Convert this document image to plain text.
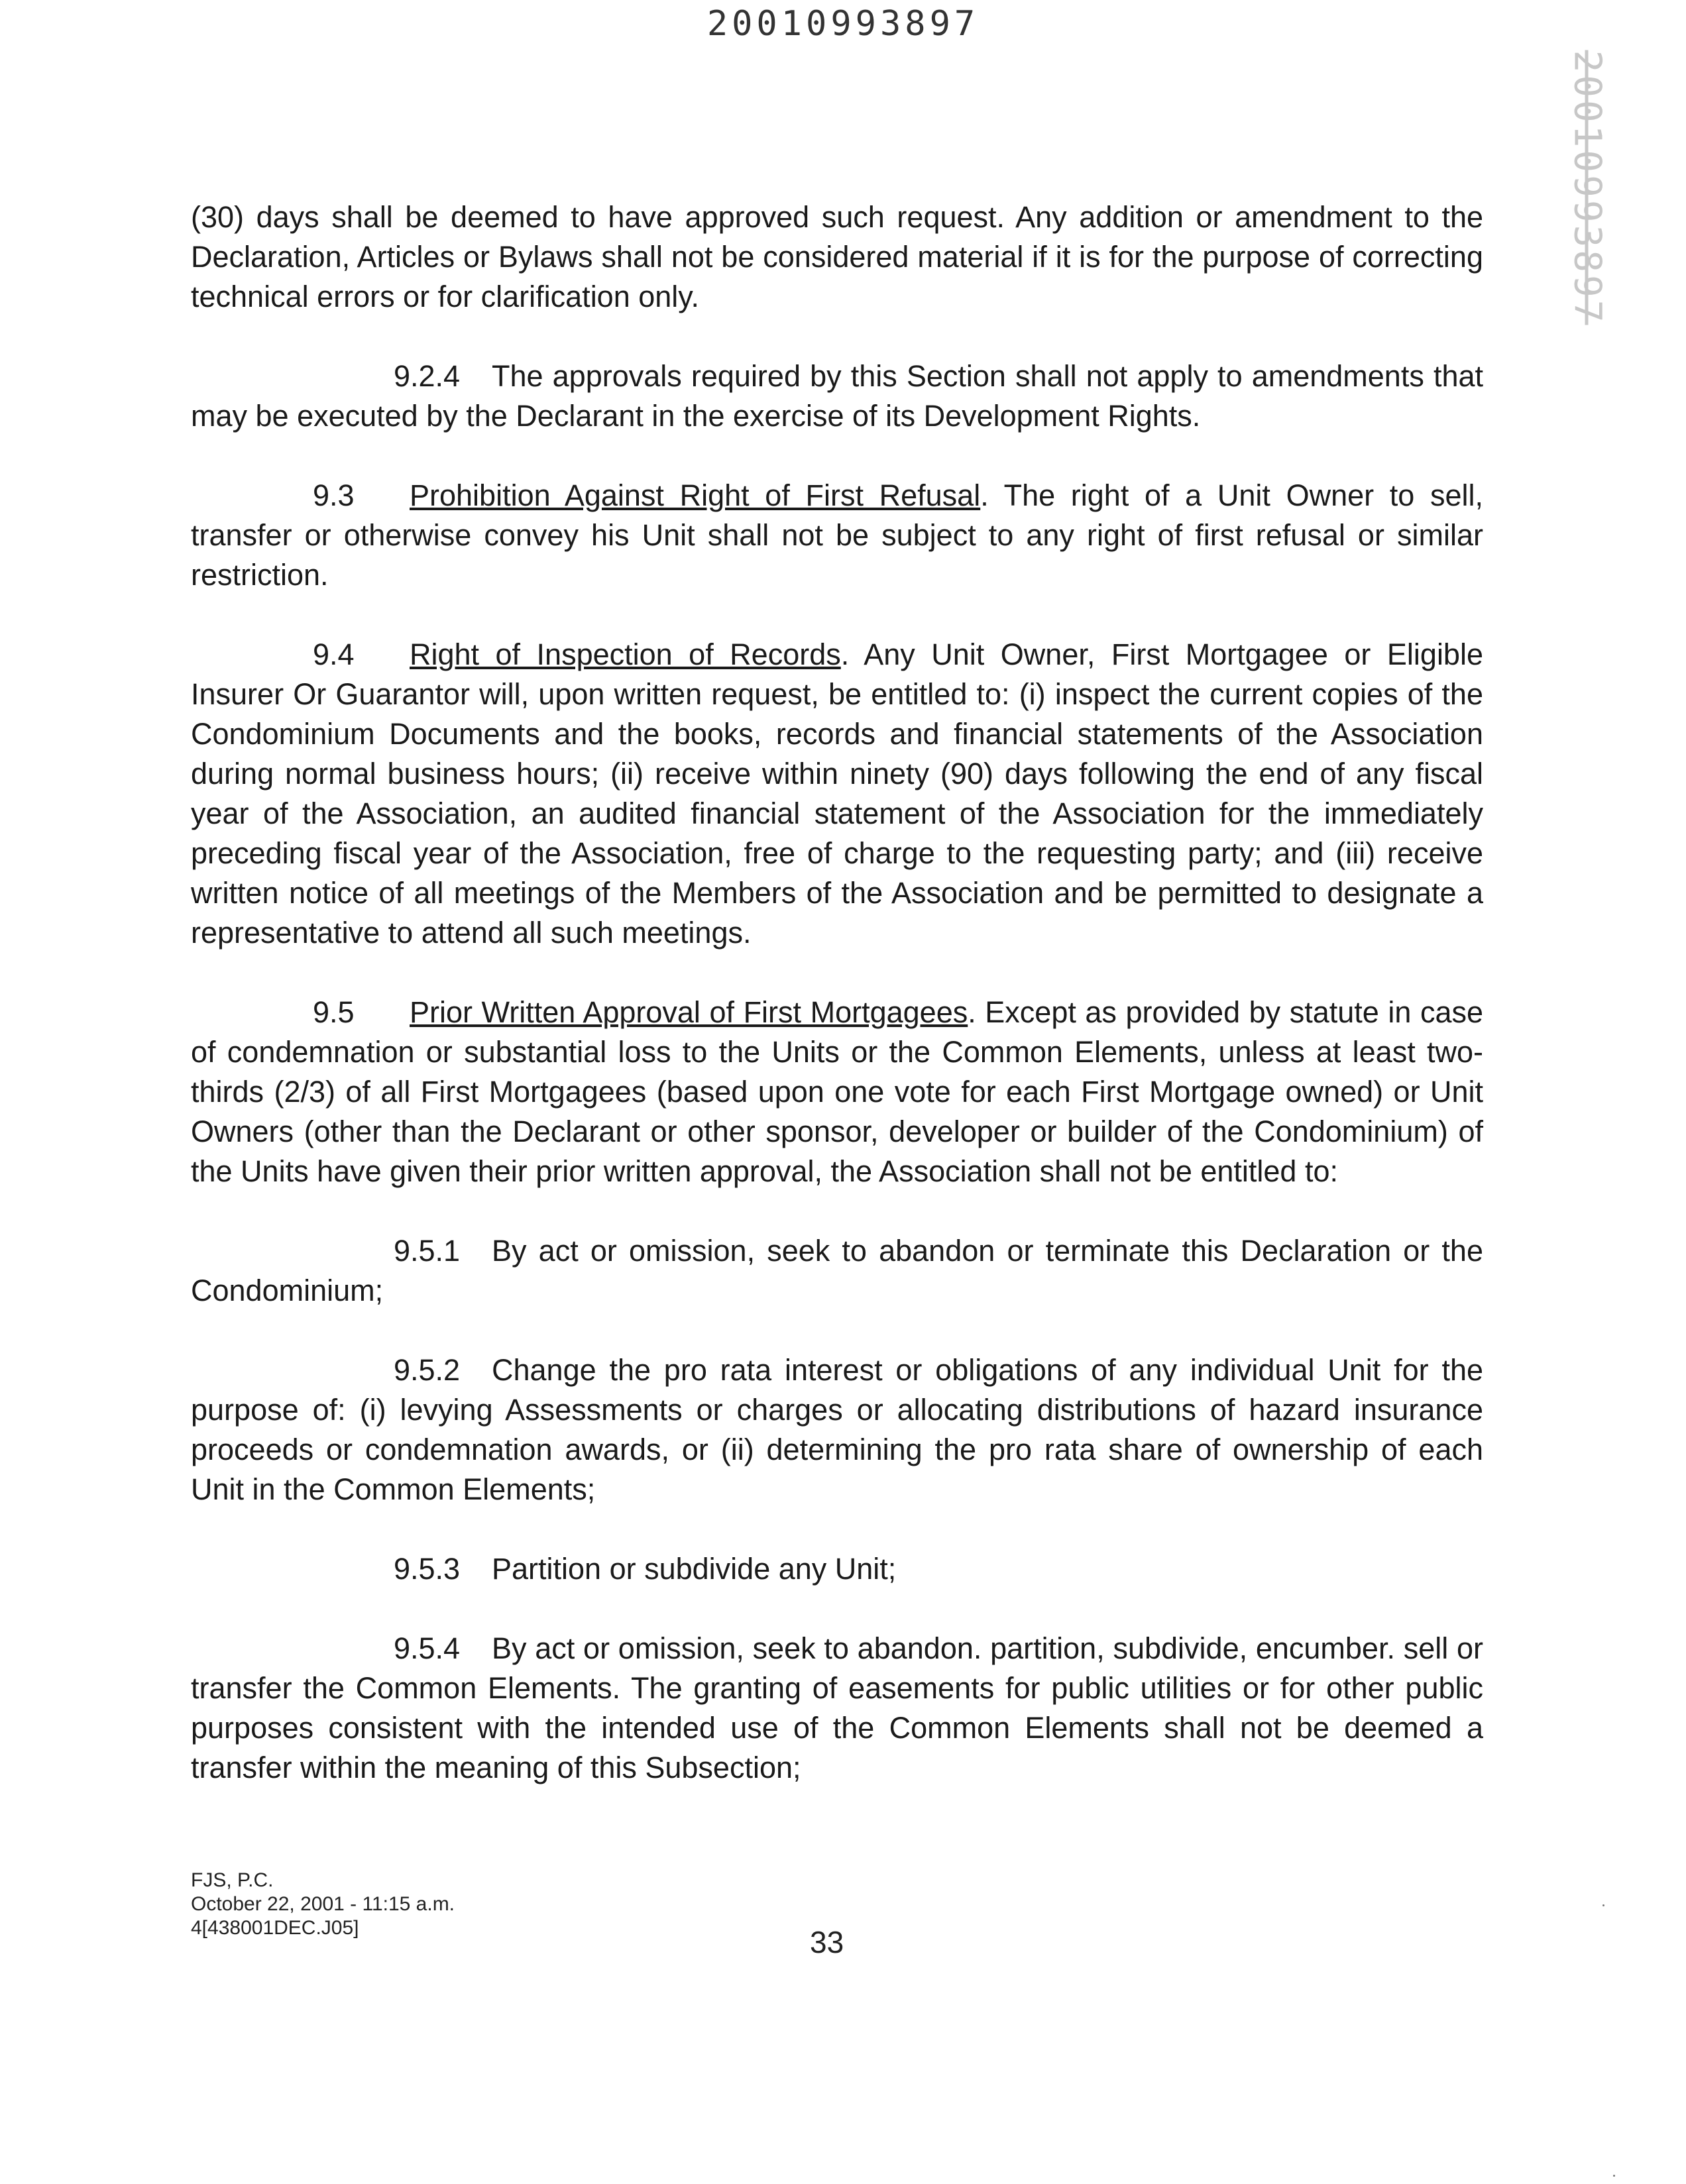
20010993897
20010993897

(30) days shall be deemed to have approved such request. Any addition or amendment to the Declaration, Articles or Bylaws shall not be considered material if it is for the purpose of correcting technical errors or for clarification only.

9.2.4 The approvals required by this Section shall not apply to amendments that may be executed by the Declarant in the exercise of its Development Rights.

9.3 Prohibition Against Right of First Refusal. The right of a Unit Owner to sell, transfer or otherwise convey his Unit shall not be subject to any right of first refusal or similar restriction.

9.4 Right of Inspection of Records. Any Unit Owner, First Mortgagee or Eligible Insurer Or Guarantor will, upon written request, be entitled to: (i) inspect the current copies of the Condominium Documents and the books, records and financial statements of the Association during normal business hours; (ii) receive within ninety (90) days following the end of any fiscal year of the Association, an audited financial statement of the Association for the immediately preceding fiscal year of the Association, free of charge to the requesting party; and (iii) receive written notice of all meetings of the Members of the Association and be permitted to designate a representative to attend all such meetings.

9.5 Prior Written Approval of First Mortgagees. Except as provided by statute in case of condemnation or substantial loss to the Units or the Common Elements, unless at least two-thirds (2/3) of all First Mortgagees (based upon one vote for each First Mortgage owned) or Unit Owners (other than the Declarant or other sponsor, developer or builder of the Condominium) of the Units have given their prior written approval, the Association shall not be entitled to:

9.5.1 By act or omission, seek to abandon or terminate this Declaration or the Condominium;

9.5.2 Change the pro rata interest or obligations of any individual Unit for the purpose of: (i) levying Assessments or charges or allocating distributions of hazard insurance proceeds or condemnation awards, or (ii) determining the pro rata share of ownership of each Unit in the Common Elements;

9.5.3 Partition or subdivide any Unit;

9.5.4 By act or omission, seek to abandon. partition, subdivide, encumber. sell or transfer the Common Elements. The granting of easements for public utilities or for other public purposes consistent with the intended use of the Common Elements shall not be deemed a transfer within the meaning of this Subsection;

FJS, P.C.
October 22, 2001 - 11:15 a.m.
4[438001DEC.J05]	33
